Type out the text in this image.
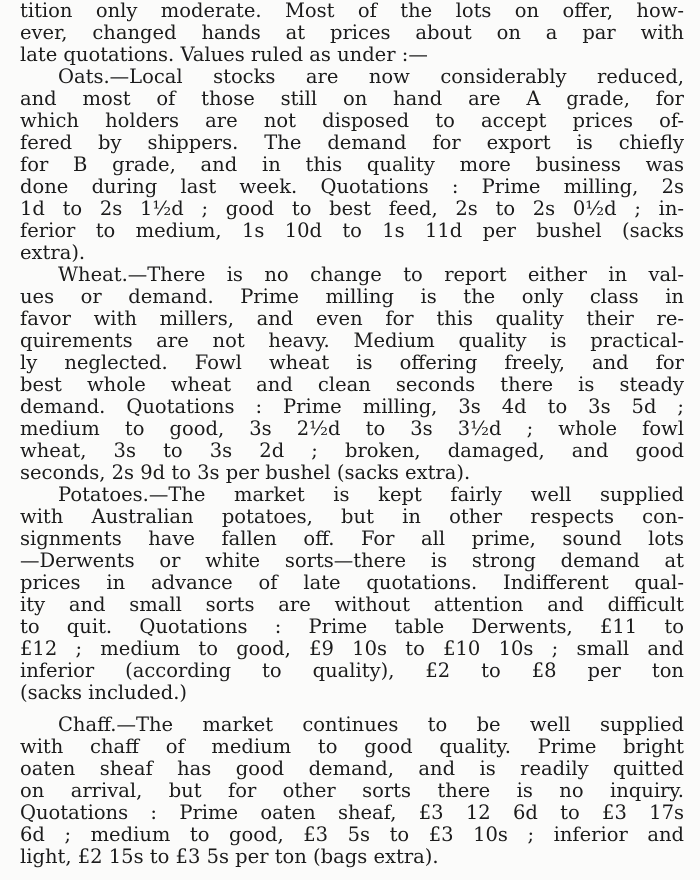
tition only moderate. Most of the lots on offer, how-
ever, changed hands at prices about on a par with
late quotations. Values ruled as under :—
Oats.—Local stocks are now considerably reduced,
and most of those still on hand are A grade, for
which holders are not disposed to accept prices of-
fered by shippers. The demand for export is chiefly
for B grade, and in this quality more business was
done during last week. Quotations : Prime milling, 2s
1d to 2s 1½d ; good to best feed, 2s to 2s 0½d ; in-
ferior to medium, 1s 10d to 1s 11d per bushel (sacks
extra).
Wheat.—There is no change to report either in val-
ues or demand. Prime milling is the only class in
favor with millers, and even for this quality their re-
quirements are not heavy. Medium quality is practical-
ly neglected. Fowl wheat is offering freely, and for
best whole wheat and clean seconds there is steady
demand. Quotations : Prime milling, 3s 4d to 3s 5d ;
medium to good, 3s 2½d to 3s 3½d ; whole fowl
wheat, 3s to 3s 2d ; broken, damaged, and good
seconds, 2s 9d to 3s per bushel (sacks extra).
Potatoes.—The market is kept fairly well supplied
with Australian potatoes, but in other respects con-
signments have fallen off. For all prime, sound lots
—Derwents or white sorts—there is strong demand at
prices in advance of late quotations. Indifferent qual-
ity and small sorts are without attention and difficult
to quit. Quotations : Prime table Derwents, £11 to
£12 ; medium to good, £9 10s to £10 10s ; small and
inferior (according to quality), £2 to £8 per ton
(sacks included.)
Chaff.—The market continues to be well supplied
with chaff of medium to good quality. Prime bright
oaten sheaf has good demand, and is readily quitted
on arrival, but for other sorts there is no inquiry.
Quotations : Prime oaten sheaf, £3 12 6d to £3 17s
6d ; medium to good, £3 5s to £3 10s ; inferior and
light, £2 15s to £3 5s per ton (bags extra).
